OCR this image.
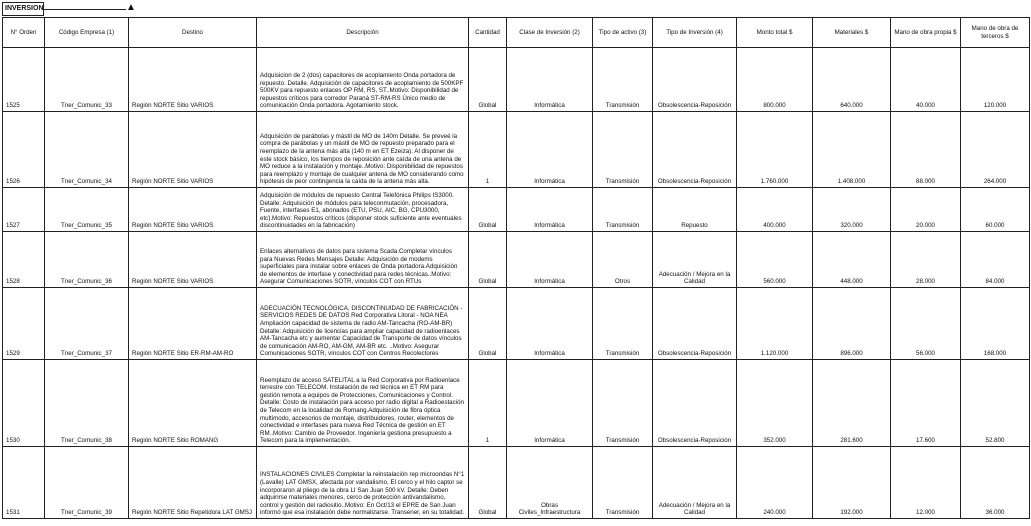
INVERSION	▲
N° Orden	Código Empresa (1)	Destino	Descripción	Cantidad	Clase de Inversión (2)	Tipo de activo (3)	Tipo de Inversión (4)	Monto total $	Materiales $	Mano de obra propia $	Mano de obra de terceros $
1525	Tner_Comunic_33	Región NORTE Sitio VARIOS	Adquisicion de 2 (dos) capacitores de acoplamiento Onda portadora de repuesto. Detalle. Adquisición de capacitores de acoplamiento de 500KPF 500KV para repuesto enlaces OP RM, RS, ST..Motivo: Disponibilidad de repuestos críticos para corredor Paraná ST-RM-RS Único medio de comunicación Onda portadora. Agotamiento stock.	Global	Informática	Transmisión	Obsolescencia-Reposición	800.000	640.000	40.000	120.000
1526	Tner_Comunic_34	Región NORTE Sitio VARIOS	Adquisición de parábolas y mástil de MO de 140m Detalle. Se preveé la compra de parábolas y un mástil de MO de repuesto preparado para el reemplazo de la antena más alta (140 m en ET Ezeiza). Al disponer de este stock básico, los tiempos de reposición ante caída de una antena de MO reduce a la instalación y montaje..Motivo: Disponibilidad de repuestos para reemplazo y montaje de cualquier antena de MO considerando como hipótesis de peor contingencia la caída de la antena más alta.	1	Informática	Transmisión	Obsolescencia-Reposición	1.760.000	1.408.000	88.000	264.000
1527	Tner_Comunic_35	Región NORTE Sitio VARIOS	Adquisición de módulos de repuesto Central Telefónica Philips IS3000. Detalle: Adquisición de módulos para teleconmutación, procesadora, Fuente, interfases E1, abonados (ETU, PSU, AIC, BG, CPU3000, etc).Motivo: Repuestos críticos (disponer stock suficiente ante eventuales discontinuidades en la fabricación)	Global	Informática	Transmisión	Repuesto	400.000	320.000	20.000	60.000
1528	Tner_Comunic_36	Región NORTE Sitio VARIOS	Enlaces alternativos de datos para sistema Scada.Completar vínculos para Nuevas Redes Mensajes Detalle: Adquisición de modems superficiales para instalar sobre enlaces de Onda portadora.Adquisición de elementos de interfase y conectividad para redes técnicas..Motivo: Asegurar Comunicaciones SOTR, vínculos COT con RTUs	Global	Informática	Otros	Adecuación / Mejora en la Calidad	560.000	448.000	28.000	84.000
1529	Tner_Comunic_37	Región NORTE Sitio ER-RM-AM-RO	ADECUACIÓN TECNOLÓGICA, DISCONTINUIDAD DE FABRICACIÓN - SERVICIOS REDES DE DATOS Red Corporativa Litoral - NOA NEA Ampliación capacidad de sistema de radio AM-Tancacha (RO-AM-BR) Detalle: Adquisición de licencias para ampliar capacidad de radioenlaces AM-Tancacha etc y aumentar Capacidad de Transporte de datos vínculos de comunicación AM-RO, AM-GM, AM-BR etc. ..Motivo: Asegurar Comunicaciones SOTR, vínculos COT con Centros Recolectores	Global	Informática	Transmisión	Obsolescencia-Reposición	1.120.000	896.000	56.000	168.000
1530	Tner_Comunic_38	Región NORTE Sitio ROMANG	Reemplazo de acceso SATELITAL a la Red Corporativa por Radioenlace terrestre con TELECOM. Instalación de red técnica en ET RM para gestión remota a equipos de Protecciones, Comunicaciones y Control. Detalle: Costo de instalación para acceso por radio digital a Radioestación de Telecom en la localidad de Romang.Adquisición de fibra óptica multimodo, accesorios de montaje, distribuidores, router, elementos de conectividad e interfases para nueva Red Técnica de gestión en ET RM..Motivo: Cambio de Proveedor. Ingeniería gestiona presupuesto a Telecom para la implementación.	1	Informática	Transmisión	Obsolescencia-Reposición	352.000	281.600	17.600	52.800
1531	Tner_Comunic_39	Región NORTE Sitio Repetidora LAT GMSJ	INSTALACIONES CIVILES Completar la reinstalación rep microondas N°1 (Lavalle) LAT GMSX, afectada por vandalismo. El cerco y el hilo captor se incorporaron al pliego de la obra LI San Juan 500 kV. Detalle: Deben adquirirse materiales menores, cerco de protección antivandalismo, control y gestión del radiositio..Motivo: En Oct/13 el EPRE de San Juan informó que esa instalación debe normalizarse. Transener, en su totalidad.	Global	Obras Civiles_Infraestructura	Transmisión	Adecuación / Mejora en la Calidad	240.000	192.000	12.000	36.000
